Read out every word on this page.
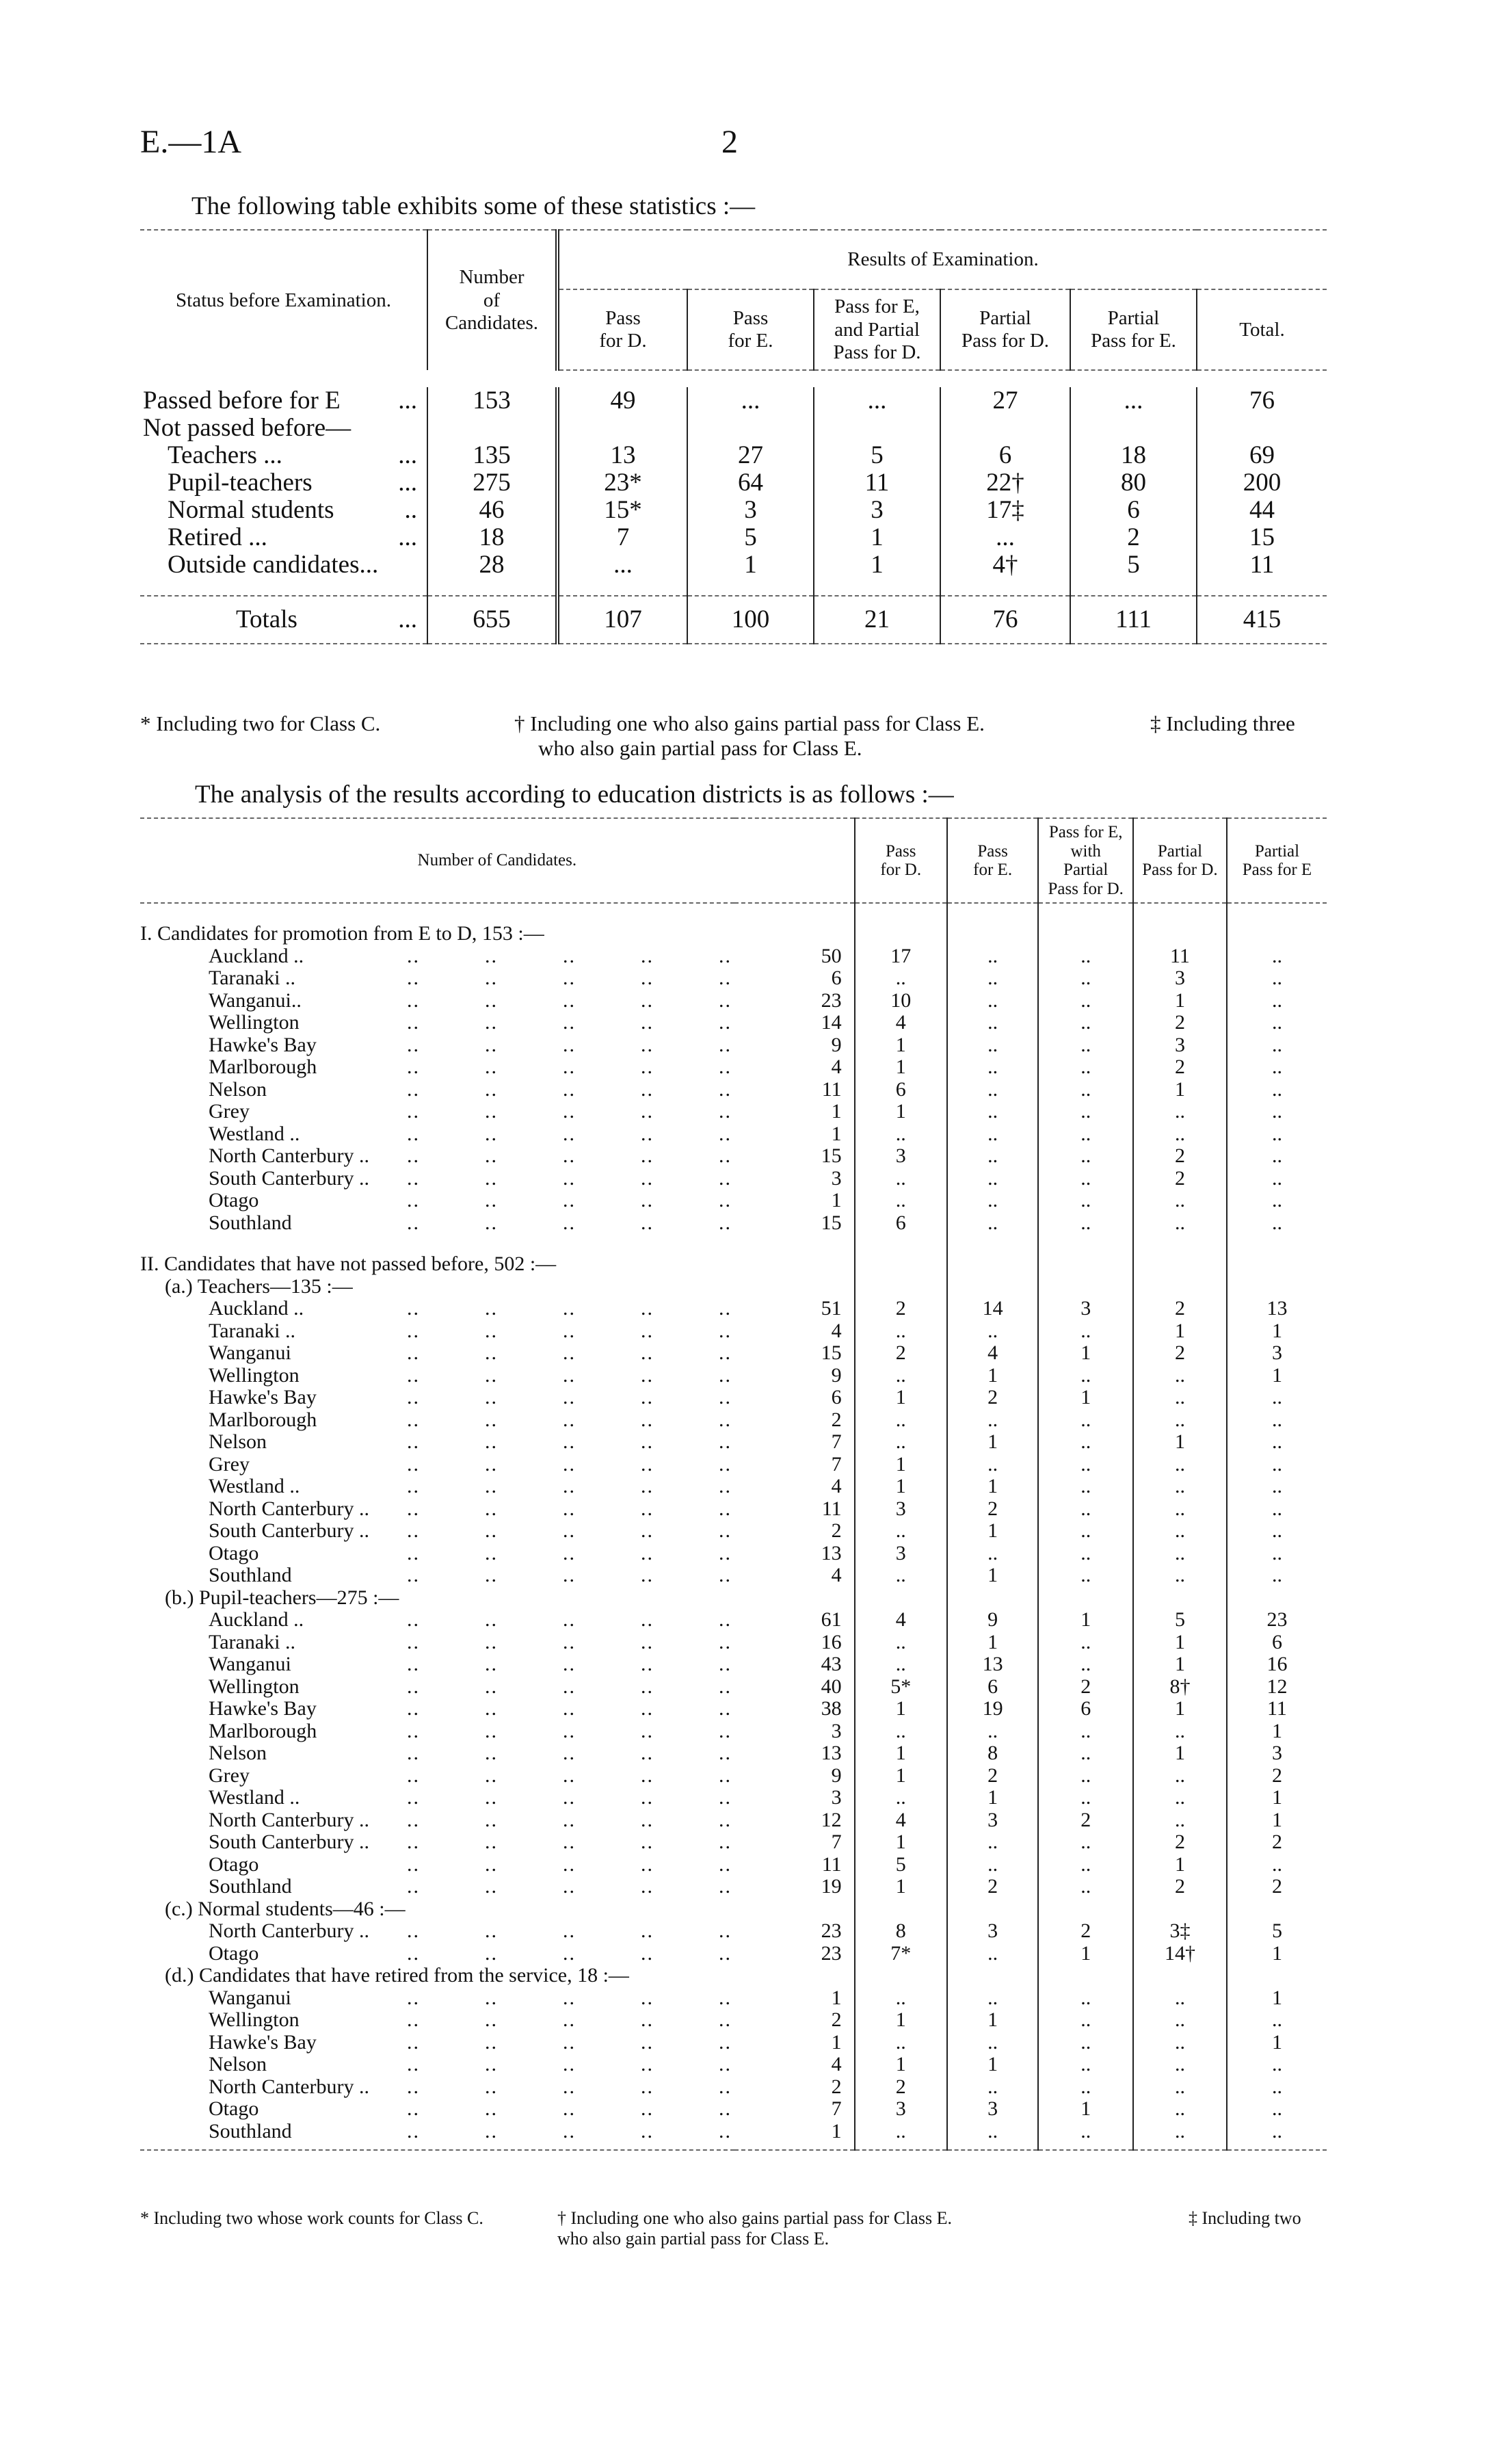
E.—1A	2
The following table exhibits some of these statistics :—
Status before Examination.	Number
of
Candidates.	Results of Examination.					
		Pass
for D.	Pass
for E.	Pass for E,
and Partial
Pass for D.	Partial
Pass for D.	Partial
Pass for E.	Total.

Passed before for E ...	153	49	...	...	27	...	76
Not passed before—							
Teachers ... ...	135	13	27	5	6	18	69
Pupil-teachers ...	275	23*	64	11	22†	80	200
Normal students ..	46	15*	3	3	17‡	6	44
Retired ... ...	18	7	5	1	...	2	15
Outside candidates...	28	...	1	1	4†	5	11

Totals ...	655	107	100	21	76	111	415
* Including two for Class C.	† Including one who also gains partial pass for Class E.
who also gain partial pass for Class E.
‡ Including three
The analysis of the results according to education districts is as follows :—
Number of Candidates.		Pass
for D.	Pass
for E.	Pass for E,
with
Partial
Pass for D.	Partial
Pass for D.	Partial
Pass for E

I. Candidates for promotion from E to D, 153 :—						
Auckland .. ..          ..          ..          ..          ..	50	17	..	..	11	..
Taranaki .. ..          ..          ..          ..          ..	6	..	..	..	3	..
Wanganui.. ..          ..          ..          ..          ..	23	10	..	..	1	..
Wellington ..          ..          ..          ..          ..	14	4	..	..	2	..
Hawke's Bay ..          ..          ..          ..          ..	9	1	..	..	3	..
Marlborough ..          ..          ..          ..          ..	4	1	..	..	2	..
Nelson ..          ..          ..          ..          ..	11	6	..	..	1	..
Grey ..          ..          ..          ..          ..	1	1	..	..	..	..
Westland .. ..          ..          ..          ..          ..	1	..	..	..	..	..
North Canterbury .. ..          ..          ..          ..          ..	15	3	..	..	2	..
South Canterbury .. ..          ..          ..          ..          ..	3	..	..	..	2	..
Otago ..          ..          ..          ..          ..	1	..	..	..	..	..
Southland ..          ..          ..          ..          ..	15	6	..	..	..	..

II. Candidates that have not passed before, 502 :—						
(a.) Teachers—135 :—						
Auckland .. ..          ..          ..          ..          ..	51	2	14	3	2	13
Taranaki .. ..          ..          ..          ..          ..	4	..	..	..	1	1
Wanganui ..          ..          ..          ..          ..	15	2	4	1	2	3
Wellington ..          ..          ..          ..          ..	9	..	1	..	..	1
Hawke's Bay ..          ..          ..          ..          ..	6	1	2	1	..	..
Marlborough ..          ..          ..          ..          ..	2	..	..	..	..	..
Nelson ..          ..          ..          ..          ..	7	..	1	..	1	..
Grey ..          ..          ..          ..          ..	7	1	..	..	..	..
Westland .. ..          ..          ..          ..          ..	4	1	1	..	..	..
North Canterbury .. ..          ..          ..          ..          ..	11	3	2	..	..	..
South Canterbury .. ..          ..          ..          ..          ..	2	..	1	..	..	..
Otago ..          ..          ..          ..          ..	13	3	..	..	..	..
Southland ..          ..          ..          ..          ..	4	..	1	..	..	..
(b.) Pupil-teachers—275 :—						
Auckland .. ..          ..          ..          ..          ..	61	4	9	1	5	23
Taranaki .. ..          ..          ..          ..          ..	16	..	1	..	1	6
Wanganui ..          ..          ..          ..          ..	43	..	13	..	1	16
Wellington ..          ..          ..          ..          ..	40	5*	6	2	8†	12
Hawke's Bay ..          ..          ..          ..          ..	38	1	19	6	1	11
Marlborough ..          ..          ..          ..          ..	3	..	..	..	..	1
Nelson ..          ..          ..          ..          ..	13	1	8	..	1	3
Grey ..          ..          ..          ..          ..	9	1	2	..	..	2
Westland .. ..          ..          ..          ..          ..	3	..	1	..	..	1
North Canterbury .. ..          ..          ..          ..          ..	12	4	3	2	..	1
South Canterbury .. ..          ..          ..          ..          ..	7	1	..	..	2	2
Otago ..          ..          ..          ..          ..	11	5	..	..	1	..
Southland ..          ..          ..          ..          ..	19	1	2	..	2	2
(c.) Normal students—46 :—						
North Canterbury .. ..          ..          ..          ..          ..	23	8	3	2	3‡	5
Otago ..          ..          ..          ..          ..	23	7*	..	1	14†	1
(d.) Candidates that have retired from the service, 18 :—						
Wanganui ..          ..          ..          ..          ..	1	..	..	..	..	1
Wellington ..          ..          ..          ..          ..	2	1	1	..	..	..
Hawke's Bay ..          ..          ..          ..          ..	1	..	..	..	..	1
Nelson ..          ..          ..          ..          ..	4	1	1	..	..	..
North Canterbury .. ..          ..          ..          ..          ..	2	2	..	..	..	..
Otago ..          ..          ..          ..          ..	7	3	3	1	..	..
Southland ..          ..          ..          ..          ..	1	..	..	..	..	..

* Including two whose work counts for Class C.	† Including one who also gains partial pass for Class E.
who also gain partial pass for Class E.
‡ Including two
